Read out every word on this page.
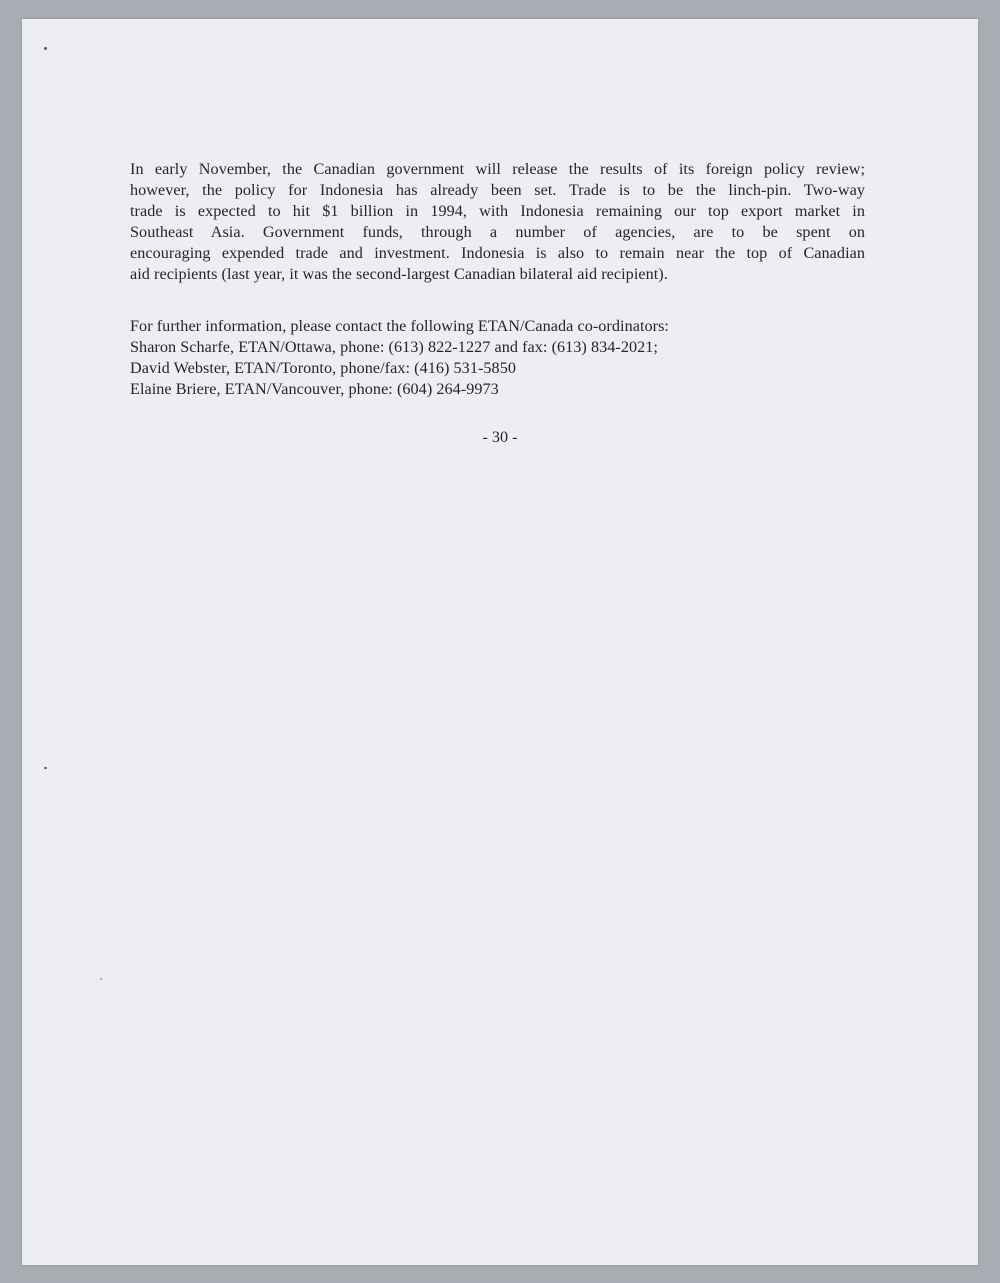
In early November, the Canadian government will release the results of its foreign policy review;
however, the policy for Indonesia has already been set. Trade is to be the linch-pin. Two-way
trade is expected to hit $1 billion in 1994, with Indonesia remaining our top export market in
Southeast Asia. Government funds, through a number of agencies, are to be spent on
encouraging expended trade and investment. Indonesia is also to remain near the top of Canadian
aid recipients (last year, it was the second-largest Canadian bilateral aid recipient).
For further information, please contact the following ETAN/Canada co-ordinators:
Sharon Scharfe, ETAN/Ottawa, phone: (613) 822-1227 and fax: (613) 834-2021;
David Webster, ETAN/Toronto, phone/fax: (416) 531-5850
Elaine Briere, ETAN/Vancouver, phone: (604) 264-9973
- 30 -
